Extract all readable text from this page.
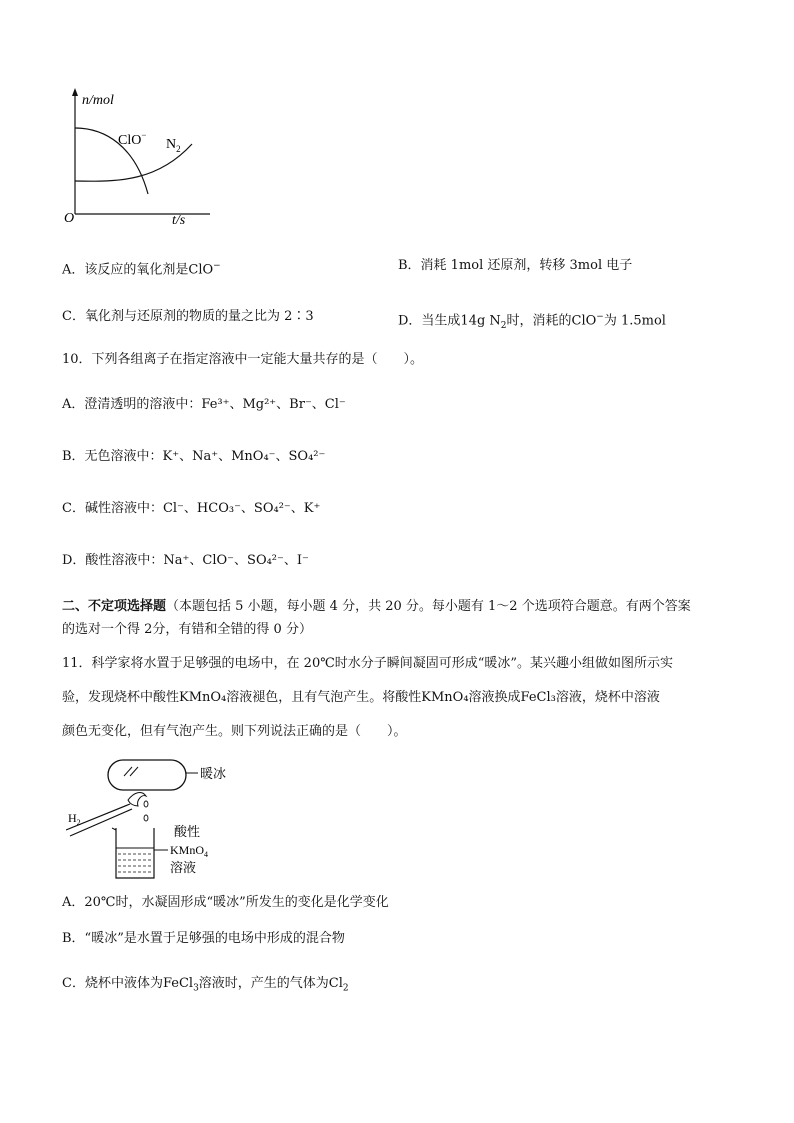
n/mol
ClO−
$N_2$
O	t/s
A．该反应的氧化剂是ClO−	B．消耗 1mol 还原剂，转移 3mol 电子
C．氧化剂与还原剂的物质的量之比为 2∶3	D．当生成14g $N_2$时，消耗的ClO−为 1.5mol
10．下列各组离子在指定溶液中一定能大量共存的是（　　）。
A．澄清透明的溶液中：Fe³⁺、Mg²⁺、Br⁻、Cl⁻
B．无色溶液中：K⁺、Na⁺、MnO₄⁻、SO₄²⁻
C．碱性溶液中：Cl⁻、HCO₃⁻、SO₄²⁻、K⁺
D．酸性溶液中：Na⁺、ClO⁻、SO₄²⁻、I⁻
二、不定项选择题（本题包括 5 小题，每小题 4 分，共 20 分。每小题有 1～2 个选项符合题意。有两个答案
的选对一个得 2分，有错和全错的得 0 分）
11．科学家将水置于足够强的电场中，在 20℃时水分子瞬间凝固可形成“暖冰”。某兴趣小组做如图所示实
验，发现烧杯中酸性KMnO₄溶液褪色，且有气泡产生。将酸性KMnO₄溶液换成FeCl₃溶液，烧杯中溶液
颜色无变化，但有气泡产生。则下列说法正确的是（　　）。
暖冰
$H_2$
酸性
KMnO$_4$
溶液
A．20℃时，水凝固形成“暖冰”所发生的变化是化学变化
B．“暖冰”是水置于足够强的电场中形成的混合物
C．烧杯中液体为FeCl$_3$溶液时，产生的气体为$Cl_2$
